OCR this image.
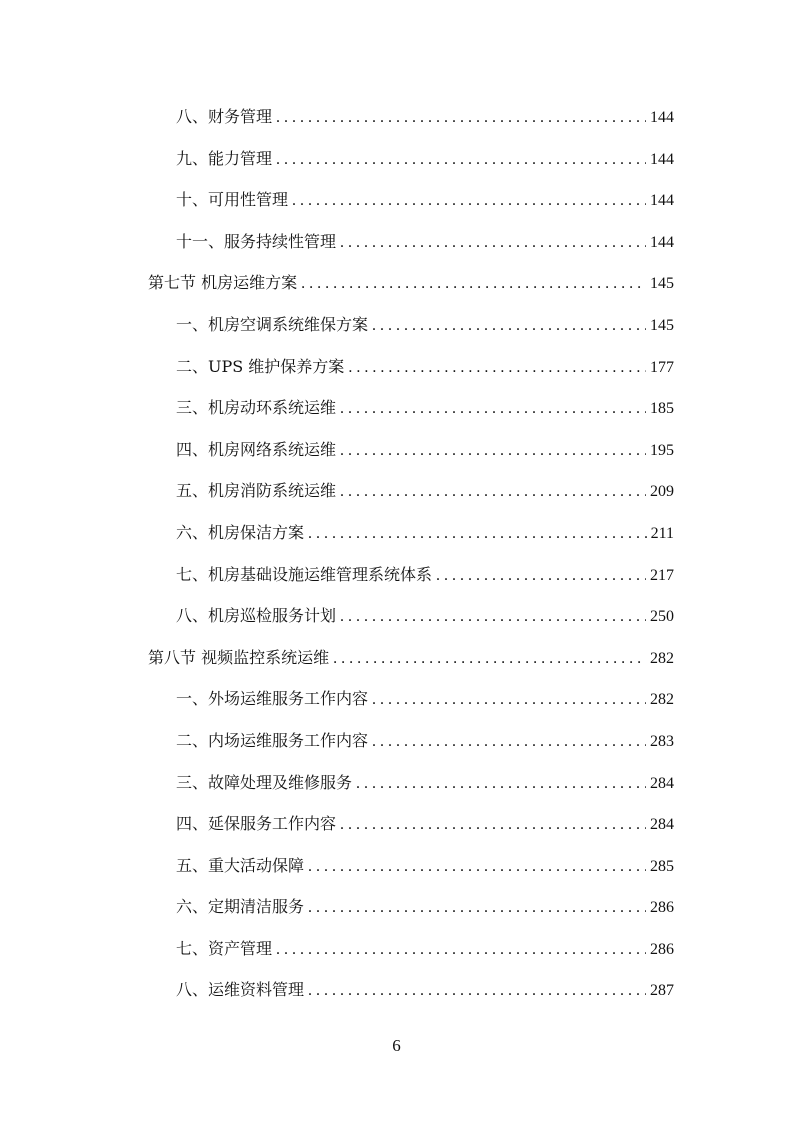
八、财务管理 . . .	144
九、能力管理 . . .	144
十、可用性管理 . . .	144
十一、服务持续性管理 . . .	144
第七节 机房运维方案 . . .	145
一、机房空调系统维保方案 . . .	145
二、UPS 维护保养方案 . . .	177
三、机房动环系统运维 . . .	185
四、机房网络系统运维 . . .	195
五、机房消防系统运维 . . .	209
六、机房保洁方案 . . .	211
七、机房基础设施运维管理系统体系 . . .	217
八、机房巡检服务计划 . . .	250
第八节 视频监控系统运维 . . .	282
一、外场运维服务工作内容 . . .	282
二、内场运维服务工作内容 . . .	283
三、故障处理及维修服务 . . .	284
四、延保服务工作内容 . . .	284
五、重大活动保障 . . .	285
六、定期清洁服务 . . .	286
七、资产管理 . . .	286
八、运维资料管理 . . .	287
6
